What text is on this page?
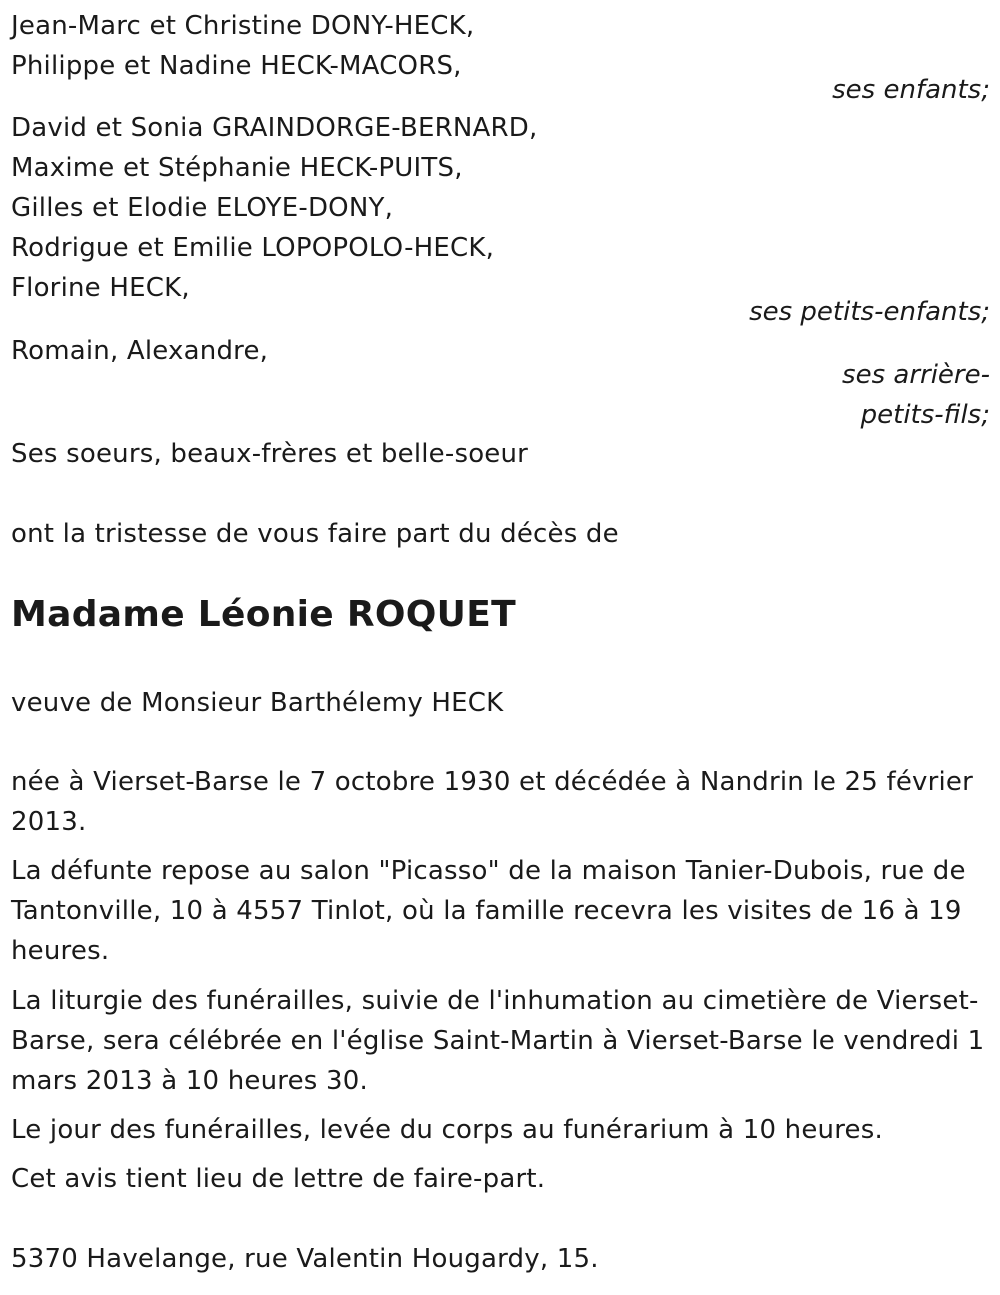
Jean-Marc et Christine DONY-HECK,
Philippe et Nadine HECK-MACORS,
ses enfants;
David et Sonia GRAINDORGE-BERNARD,
Maxime et Stéphanie HECK-PUITS,
Gilles et Elodie ELOYE-DONY,
Rodrigue et Emilie LOPOPOLO-HECK,
Florine HECK,
ses petits-enfants;
Romain, Alexandre,
ses arrière-
petits-fils;
Ses soeurs, beaux-frères et belle-soeur
ont la tristesse de vous faire part du décès de
Madame Léonie ROQUET
veuve de Monsieur Barthélemy HECK
née à Vierset-Barse le 7 octobre 1930 et décédée à Nandrin le 25 février 2013.
La défunte repose au salon "Picasso" de la maison Tanier-Dubois, rue de Tantonville, 10 à 4557 Tinlot, où la famille recevra les visites de 16 à 19 heures.
La liturgie des funérailles, suivie de l'inhumation au cimetière de Vierset-Barse, sera célébrée en l'église Saint-Martin à Vierset-Barse le vendredi 1 mars 2013 à 10 heures 30.
Le jour des funérailles, levée du corps au funérarium à 10 heures.
Cet avis tient lieu de lettre de faire-part.
5370 Havelange, rue Valentin Hougardy, 15.
